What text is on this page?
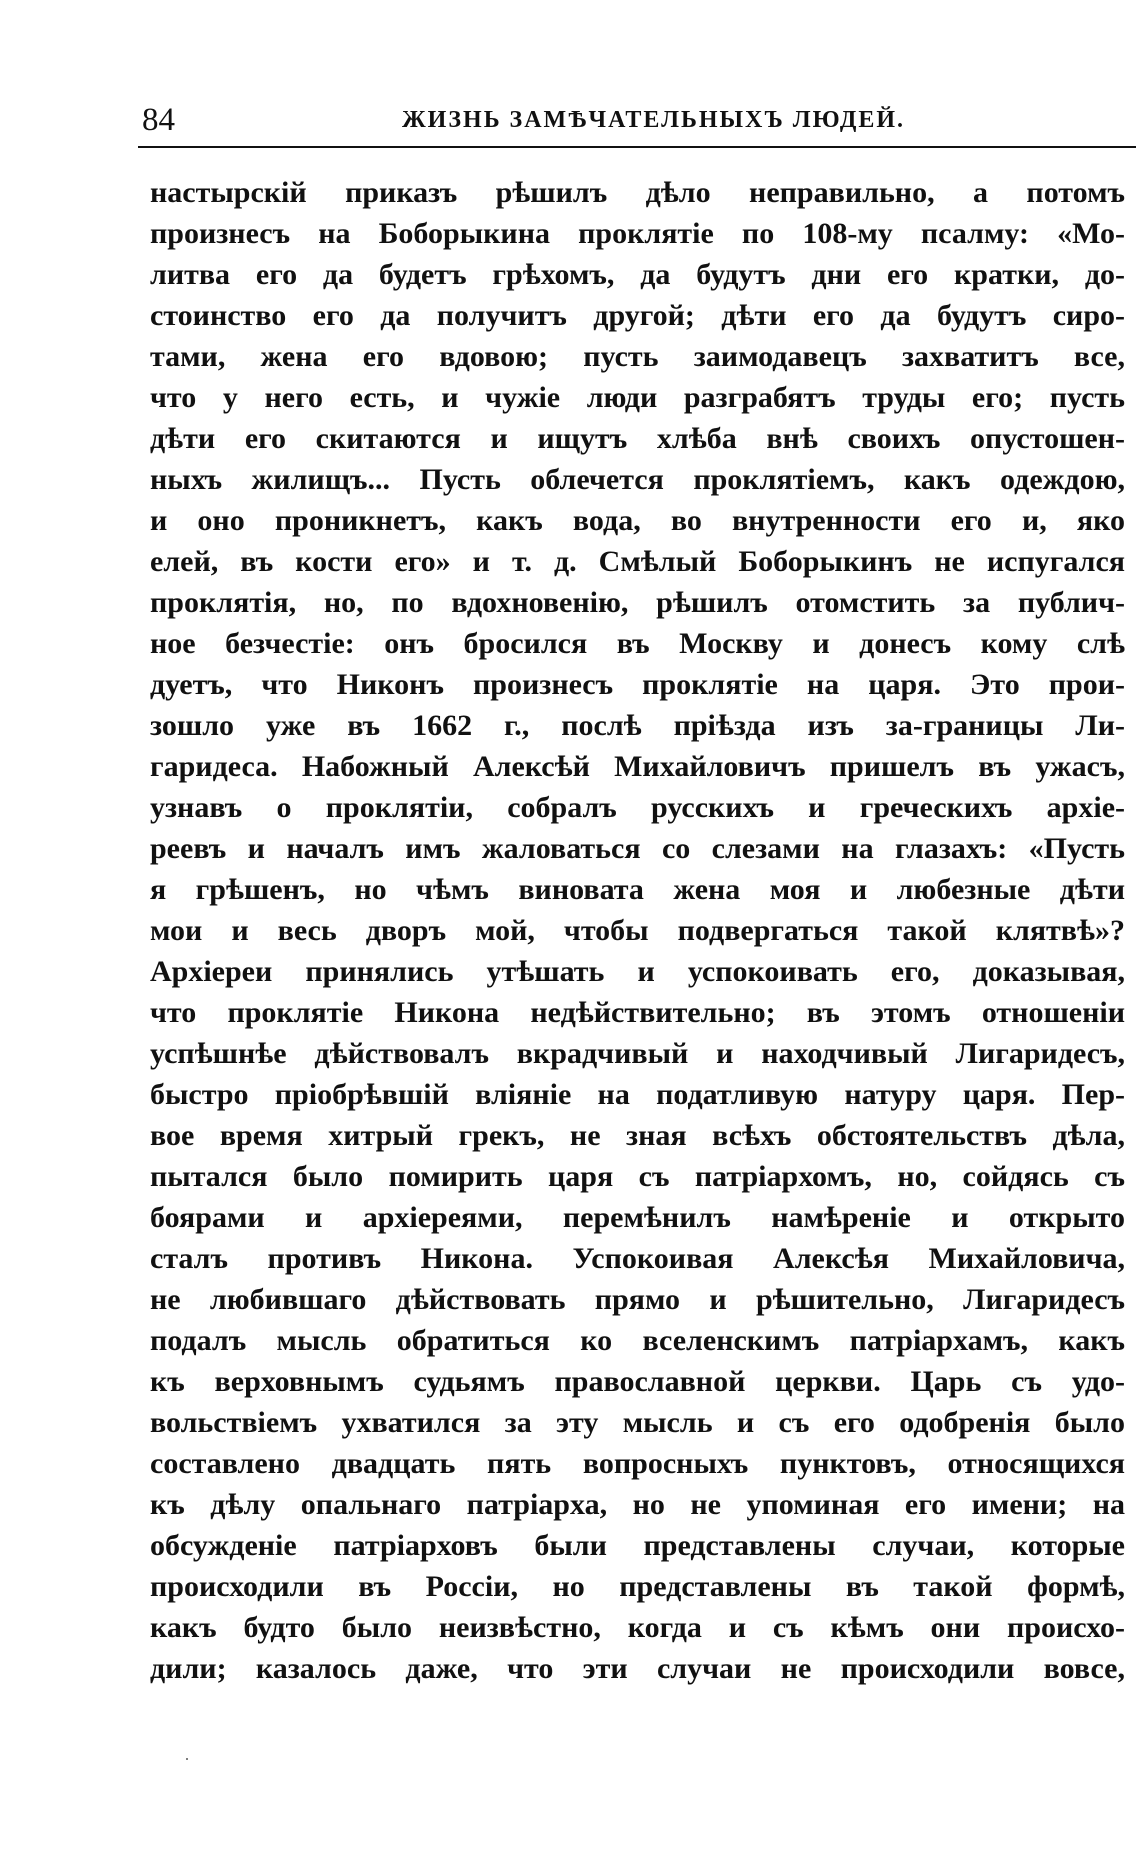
84	ЖИЗНЬ ЗАМѢЧАТЕЛЬНЫХЪ ЛЮДЕЙ.
настырскій приказъ рѣшилъ дѣло неправильно, а потомъ
произнесъ на Боборыкина проклятіе по 108-му псалму: «Мо-
литва его да будетъ грѣхомъ, да будутъ дни его кратки, до-
стоинство его да получитъ другой; дѣти его да будутъ сиро-
тами, жена его вдовою; пусть заимодавецъ захватитъ все,
что у него есть, и чужіе люди разграбятъ труды его; пусть
дѣти его скитаются и ищутъ хлѣба внѣ своихъ опустошен-
ныхъ жилищъ... Пусть облечется проклятіемъ, какъ одеждою,
и оно проникнетъ, какъ вода, во внутренности его и, яко
елей, въ кости его» и т. д. Смѣлый Боборыкинъ не испугался
проклятія, но, по вдохновенію, рѣшилъ отомстить за публич-
ное безчестіе: онъ бросился въ Москву и донесъ кому слѣ
дуетъ, что Никонъ произнесъ проклятіе на царя. Это прои-
зошло уже въ 1662 г., послѣ пріѣзда изъ за-границы Ли-
гаридеса. Набожный Алексѣй Михайловичъ пришелъ въ ужасъ,
узнавъ о проклятіи, собралъ русскихъ и греческихъ архіе-
реевъ и началъ имъ жаловаться со слезами на глазахъ: «Пусть
я грѣшенъ, но чѣмъ виновата жена моя и любезные дѣти
мои и весь дворъ мой, чтобы подвергаться такой клятвѣ»?
Архіереи принялись утѣшать и успокоивать его, доказывая,
что проклятіе Никона недѣйствительно; въ этомъ отношеніи
успѣшнѣе дѣйствовалъ вкрадчивый и находчивый Лигаридесъ,
быстро пріобрѣвшій вліяніе на податливую натуру царя. Пер-
вое время хитрый грекъ, не зная всѣхъ обстоятельствъ дѣла,
пытался было помирить царя съ патріархомъ, но, сойдясь съ
боярами и архіереями, перемѣнилъ намѣреніе и открыто
сталъ противъ Никона. Успокоивая Алексѣя Михайловича,
не любившаго дѣйствовать прямо и рѣшительно, Лигаридесъ
подалъ мысль обратиться ко вселенскимъ патріархамъ, какъ
къ верховнымъ судьямъ православной церкви. Царь съ удо-
вольствіемъ ухватился за эту мысль и съ его одобренія было
составлено двадцать пять вопросныхъ пунктовъ, относящихся
къ дѣлу опальнаго патріарха, но не упоминая его имени; на
обсужденіе патріарховъ были представлены случаи, которые
происходили въ Россіи, но представлены въ такой формѣ,
какъ будто было неизвѣстно, когда и съ кѣмъ они происхо-
дили; казалось даже, что эти случаи не происходили вовсе,
